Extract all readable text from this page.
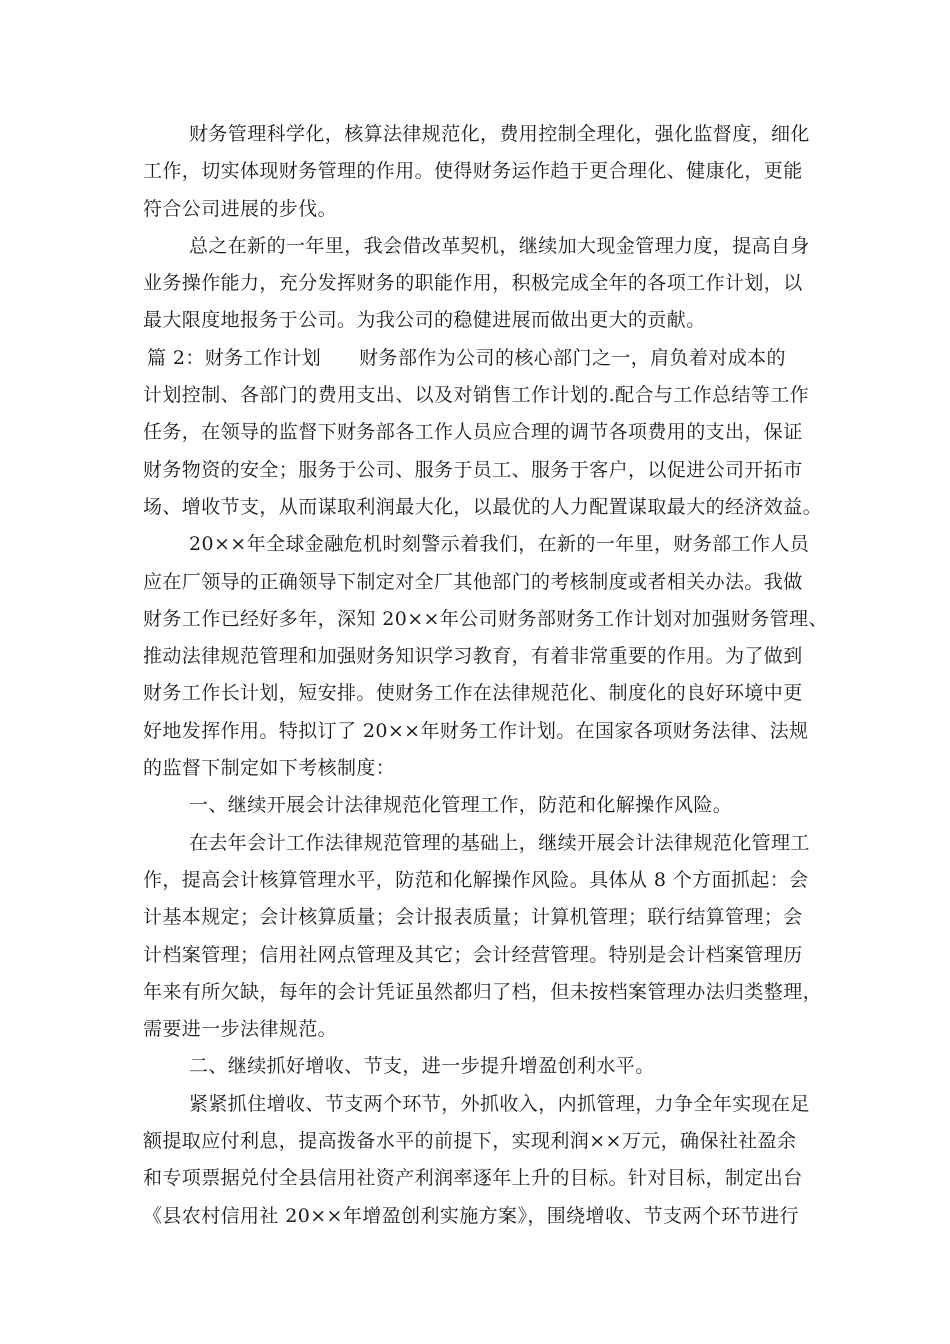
财务管理科学化，核算法律规范化，费用控制全理化，强化监督度，细化
工作，切实体现财务管理的作用。使得财务运作趋于更合理化、健康化，更能
符合公司进展的步伐。
总之在新的一年里，我会借改革契机，继续加大现金管理力度，提高自身
业务操作能力，充分发挥财务的职能作用，积极完成全年的各项工作计划，以
最大限度地报务于公司。为我公司的稳健进展而做出更大的贡献。
篇 2：财务工作计划 财务部作为公司的核心部门之一，肩负着对成本的
计划控制、各部门的费用支出、以及对销售工作计划的.配合与工作总结等工作
任务，在领导的监督下财务部各工作人员应合理的调节各项费用的支出，保证
财务物资的安全；服务于公司、服务于员工、服务于客户，以促进公司开拓市
场、增收节支，从而谋取利润最大化，以最优的人力配置谋取最大的经济效益。
20××年全球金融危机时刻警示着我们，在新的一年里，财务部工作人员
应在厂领导的正确领导下制定对全厂其他部门的考核制度或者相关办法。我做
财务工作已经好多年，深知 20××年公司财务部财务工作计划对加强财务管理、
推动法律规范管理和加强财务知识学习教育，有着非常重要的作用。为了做到
财务工作长计划，短安排。使财务工作在法律规范化、制度化的良好环境中更
好地发挥作用。特拟订了 20××年财务工作计划。在国家各项财务法律、法规
的监督下制定如下考核制度：
一、继续开展会计法律规范化管理工作，防范和化解操作风险。
在去年会计工作法律规范管理的基础上，继续开展会计法律规范化管理工
作，提高会计核算管理水平，防范和化解操作风险。具体从 8 个方面抓起：会
计基本规定；会计核算质量；会计报表质量；计算机管理；联行结算管理；会
计档案管理；信用社网点管理及其它；会计经营管理。特别是会计档案管理历
年来有所欠缺，每年的会计凭证虽然都归了档，但未按档案管理办法归类整理，
需要进一步法律规范。
二、继续抓好增收、节支，进一步提升增盈创利水平。
紧紧抓住增收、节支两个环节，外抓收入，内抓管理，力争全年实现在足
额提取应付利息，提高拨备水平的前提下，实现利润××万元，确保社社盈余
和专项票据兑付全县信用社资产利润率逐年上升的目标。针对目标，制定出台
《县农村信用社 20××年增盈创利实施方案》，围绕增收、节支两个环节进行
